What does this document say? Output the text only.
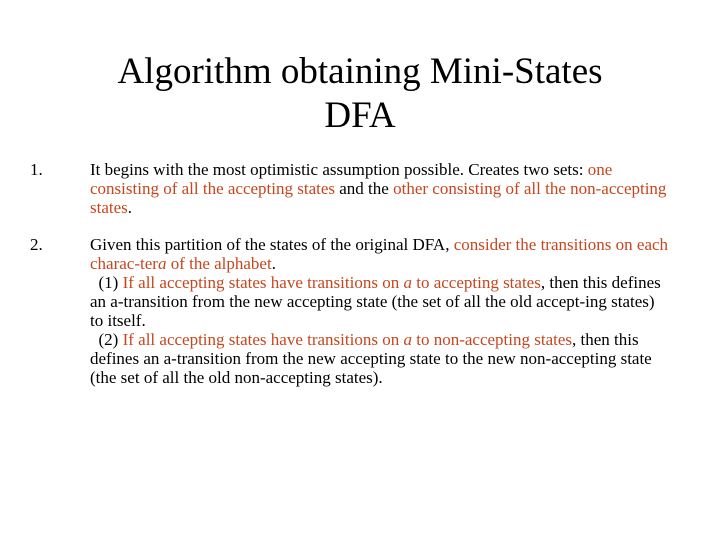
Algorithm obtaining Mini-States
DFA
1.	It begins with the most optimistic assumption possible. Creates two sets: one consisting of all the accepting states and the other consisting of all the non-accepting states.
2.	Given this partition of the states of the original DFA, consider the transitions on each charac-tera of the alphabet.
(1) If all accepting states have transitions on a to accepting states, then this defines an a-transition from the new accepting state (the set of all the old accept-ing states) to itself.
(2) If all accepting states have transitions on a to non-accepting states, then this defines an a-transition from the new accepting state to the new non-accepting state (the set of all the old non-accepting states).
